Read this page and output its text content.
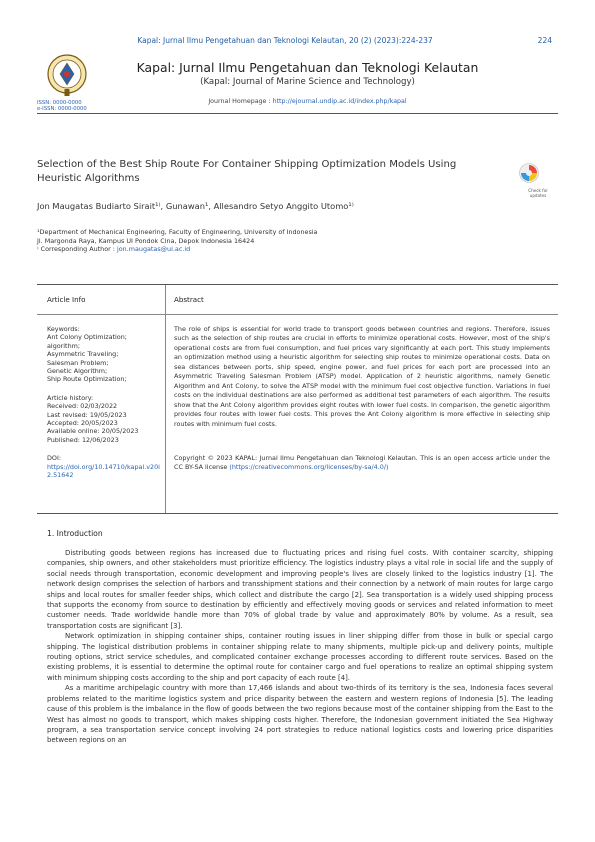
Kapal: Jurnal Ilmu Pengetahuan dan Teknologi Kelautan, 20 (2) (2023):224-237	224
ISSN: 0000-0000
e-ISSN: 0000-0000
Kapal: Jurnal Ilmu Pengetahuan dan Teknologi Kelautan
(Kapal: Journal of Marine Science and Technology)
Journal Homepage : http://ejournal.undip.ac.id/index.php/kapal
Selection of the Best Ship Route For Container Shipping Optimization Models Using Heuristic Algorithms
Check for
updates
Jon Maugatas Budiarto Sirait¹⁾, Gunawan¹, Allesandro Setyo Anggito Utomo¹⁾
¹Department of Mechanical Engineering, Faculty of Engineering, University of Indonesia
Jl. Margonda Raya, Kampus UI Pondok Cina, Depok Indonesia 16424
⁾ Corresponding Author : jon.maugatas@ui.ac.id
Article Info	Abstract
Keywords:
Ant Colony Optimization;
algorithm;
Asymmetric Traveling;
Salesman Problem;
Genetic Algorithm;
Ship Route Optimization;
Article history:
Received: 02/03/2022
Last revised: 19/05/2023
Accepted: 20/05/2023
Available online: 20/05/2023
Published: 12/06/2023
DOI:
https://doi.org/10.14710/kapal.v20i2.51642
The role of ships is essential for world trade to transport goods between countries and regions. Therefore, issues such as the selection of ship routes are crucial in efforts to minimize operational costs. However, most of the ship's operational costs are from fuel consumption, and fuel prices vary significantly at each port. This study implements an optimization method using a heuristic algorithm for selecting ship routes to minimize operational costs. Data on sea distances between ports, ship speed, engine power, and fuel prices for each port are processed into an Asymmetric Traveling Salesman Problem (ATSP) model. Application of 2 heuristic algorithms, namely Genetic Algorithm and Ant Colony, to solve the ATSP model with the minimum fuel cost objective function. Variations in fuel costs on the individual destinations are also performed as additional test parameters of each algorithm. The results show that the Ant Colony algorithm provides eight routes with lower fuel costs. In comparison, the genetic algorithm provides four routes with lower fuel costs. This proves the Ant Colony algorithm is more effective in selecting ship routes with minimum fuel costs.
Copyright © 2023 KAPAL: Jurnal Ilmu Pengetahuan dan Teknologi Kelautan. This is an open access article under the CC BY-SA license (https://creativecommons.org/licenses/by-sa/4.0/)
1. Introduction

Distributing goods between regions has increased due to fluctuating prices and rising fuel costs. With container scarcity, shipping companies, ship owners, and other stakeholders must prioritize efficiency. The logistics industry plays a vital role in social life and the supply of social needs through transportation, economic development and improving people's lives are closely linked to the logistics industry [1]. The network design comprises the selection of harbors and transshipment stations and their connection by a network of main routes for large cargo ships and local routes for smaller feeder ships, which collect and distribute the cargo [2]. Sea transportation is a widely used shipping process that supports the economy from source to destination by efficiently and effectively moving goods or services and related information to meet customer needs. Trade worldwide handle more than 70% of global trade by value and approximately 80% by volume. As a result, sea transportation costs are significant [3].

Network optimization in shipping container ships, container routing issues in liner shipping differ from those in bulk or special cargo shipping. The logistical distribution problems in container shipping relate to many shipments, multiple pick-up and delivery points, multiple routing options, strict service schedules, and complicated container exchange processes according to different route services. Based on the existing problems, it is essential to determine the optimal route for container cargo and fuel operations to realize an optimal shipping system with minimum shipping costs according to the ship and port capacity of each route [4].

As a maritime archipelagic country with more than 17,466 islands and about two-thirds of its territory is the sea, Indonesia faces several problems related to the maritime logistics system and price disparity between the eastern and western regions of Indonesia [5]. The leading cause of this problem is the imbalance in the flow of goods between the two regions because most of the container shipping from the East to the West has almost no goods to transport, which makes shipping costs higher. Therefore, the Indonesian government initiated the Sea Highway program, a sea transportation service concept involving 24 port strategies to reduce national logistics costs and lowering price disparities between regions on an
